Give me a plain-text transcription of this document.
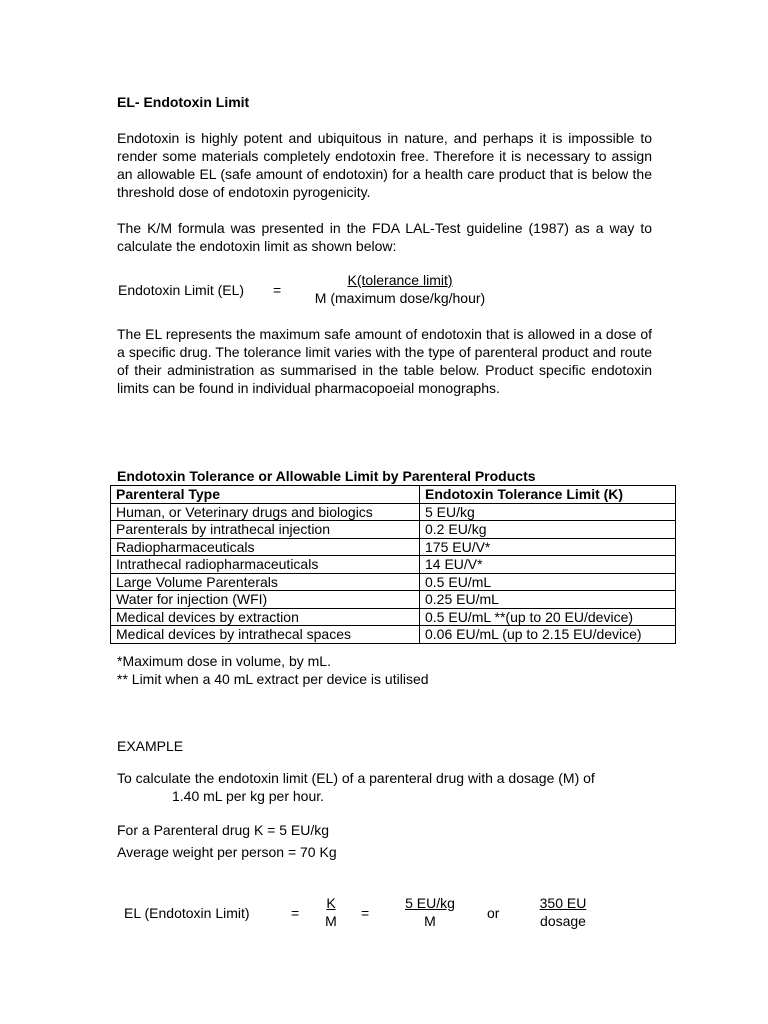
EL- Endotoxin Limit
Endotoxin is highly potent and ubiquitous in nature, and perhaps it is impossible to render some materials completely endotoxin free. Therefore it is necessary to assign an allowable EL (safe amount of endotoxin) for a health care product that is below the threshold dose of endotoxin pyrogenicity.
The K/M formula was presented in the FDA LAL-Test guideline (1987) as a way to calculate the endotoxin limit as shown below:
Endotoxin Limit (EL) =
K(tolerance limit)
M (maximum dose/kg/hour)
The EL represents the maximum safe amount of endotoxin that is allowed in a dose of a specific drug. The tolerance limit varies with the type of parenteral product and route of their administration as summarised in the table below. Product specific endotoxin limits can be found in individual pharmacopoeial monographs.
Endotoxin Tolerance or Allowable Limit by Parenteral Products
Parenteral Type	Endotoxin Tolerance Limit (K)
Human, or Veterinary drugs and biologics	5 EU/kg
Parenterals by intrathecal injection	0.2 EU/kg
Radiopharmaceuticals	175 EU/V*
Intrathecal radiopharmaceuticals	14 EU/V*
Large Volume Parenterals	0.5 EU/mL
Water for injection (WFI)	0.25 EU/mL
Medical devices by extraction	0.5 EU/mL **(up to 20 EU/device)
Medical devices by intrathecal spaces	0.06 EU/mL (up to 2.15 EU/device)
*Maximum dose in volume, by mL.
** Limit when a 40 mL extract per device is utilised
EXAMPLE
To calculate the endotoxin limit (EL) of a parenteral drug with a dosage (M) of
1.40 mL per kg per hour.
For a Parenteral drug K = 5 EU/kg
Average weight per person = 70 Kg
EL (Endotoxin Limit)	= $\frac{K}{M} = \frac{5 EU/kg}{M}$ or
350 EU
dosage
